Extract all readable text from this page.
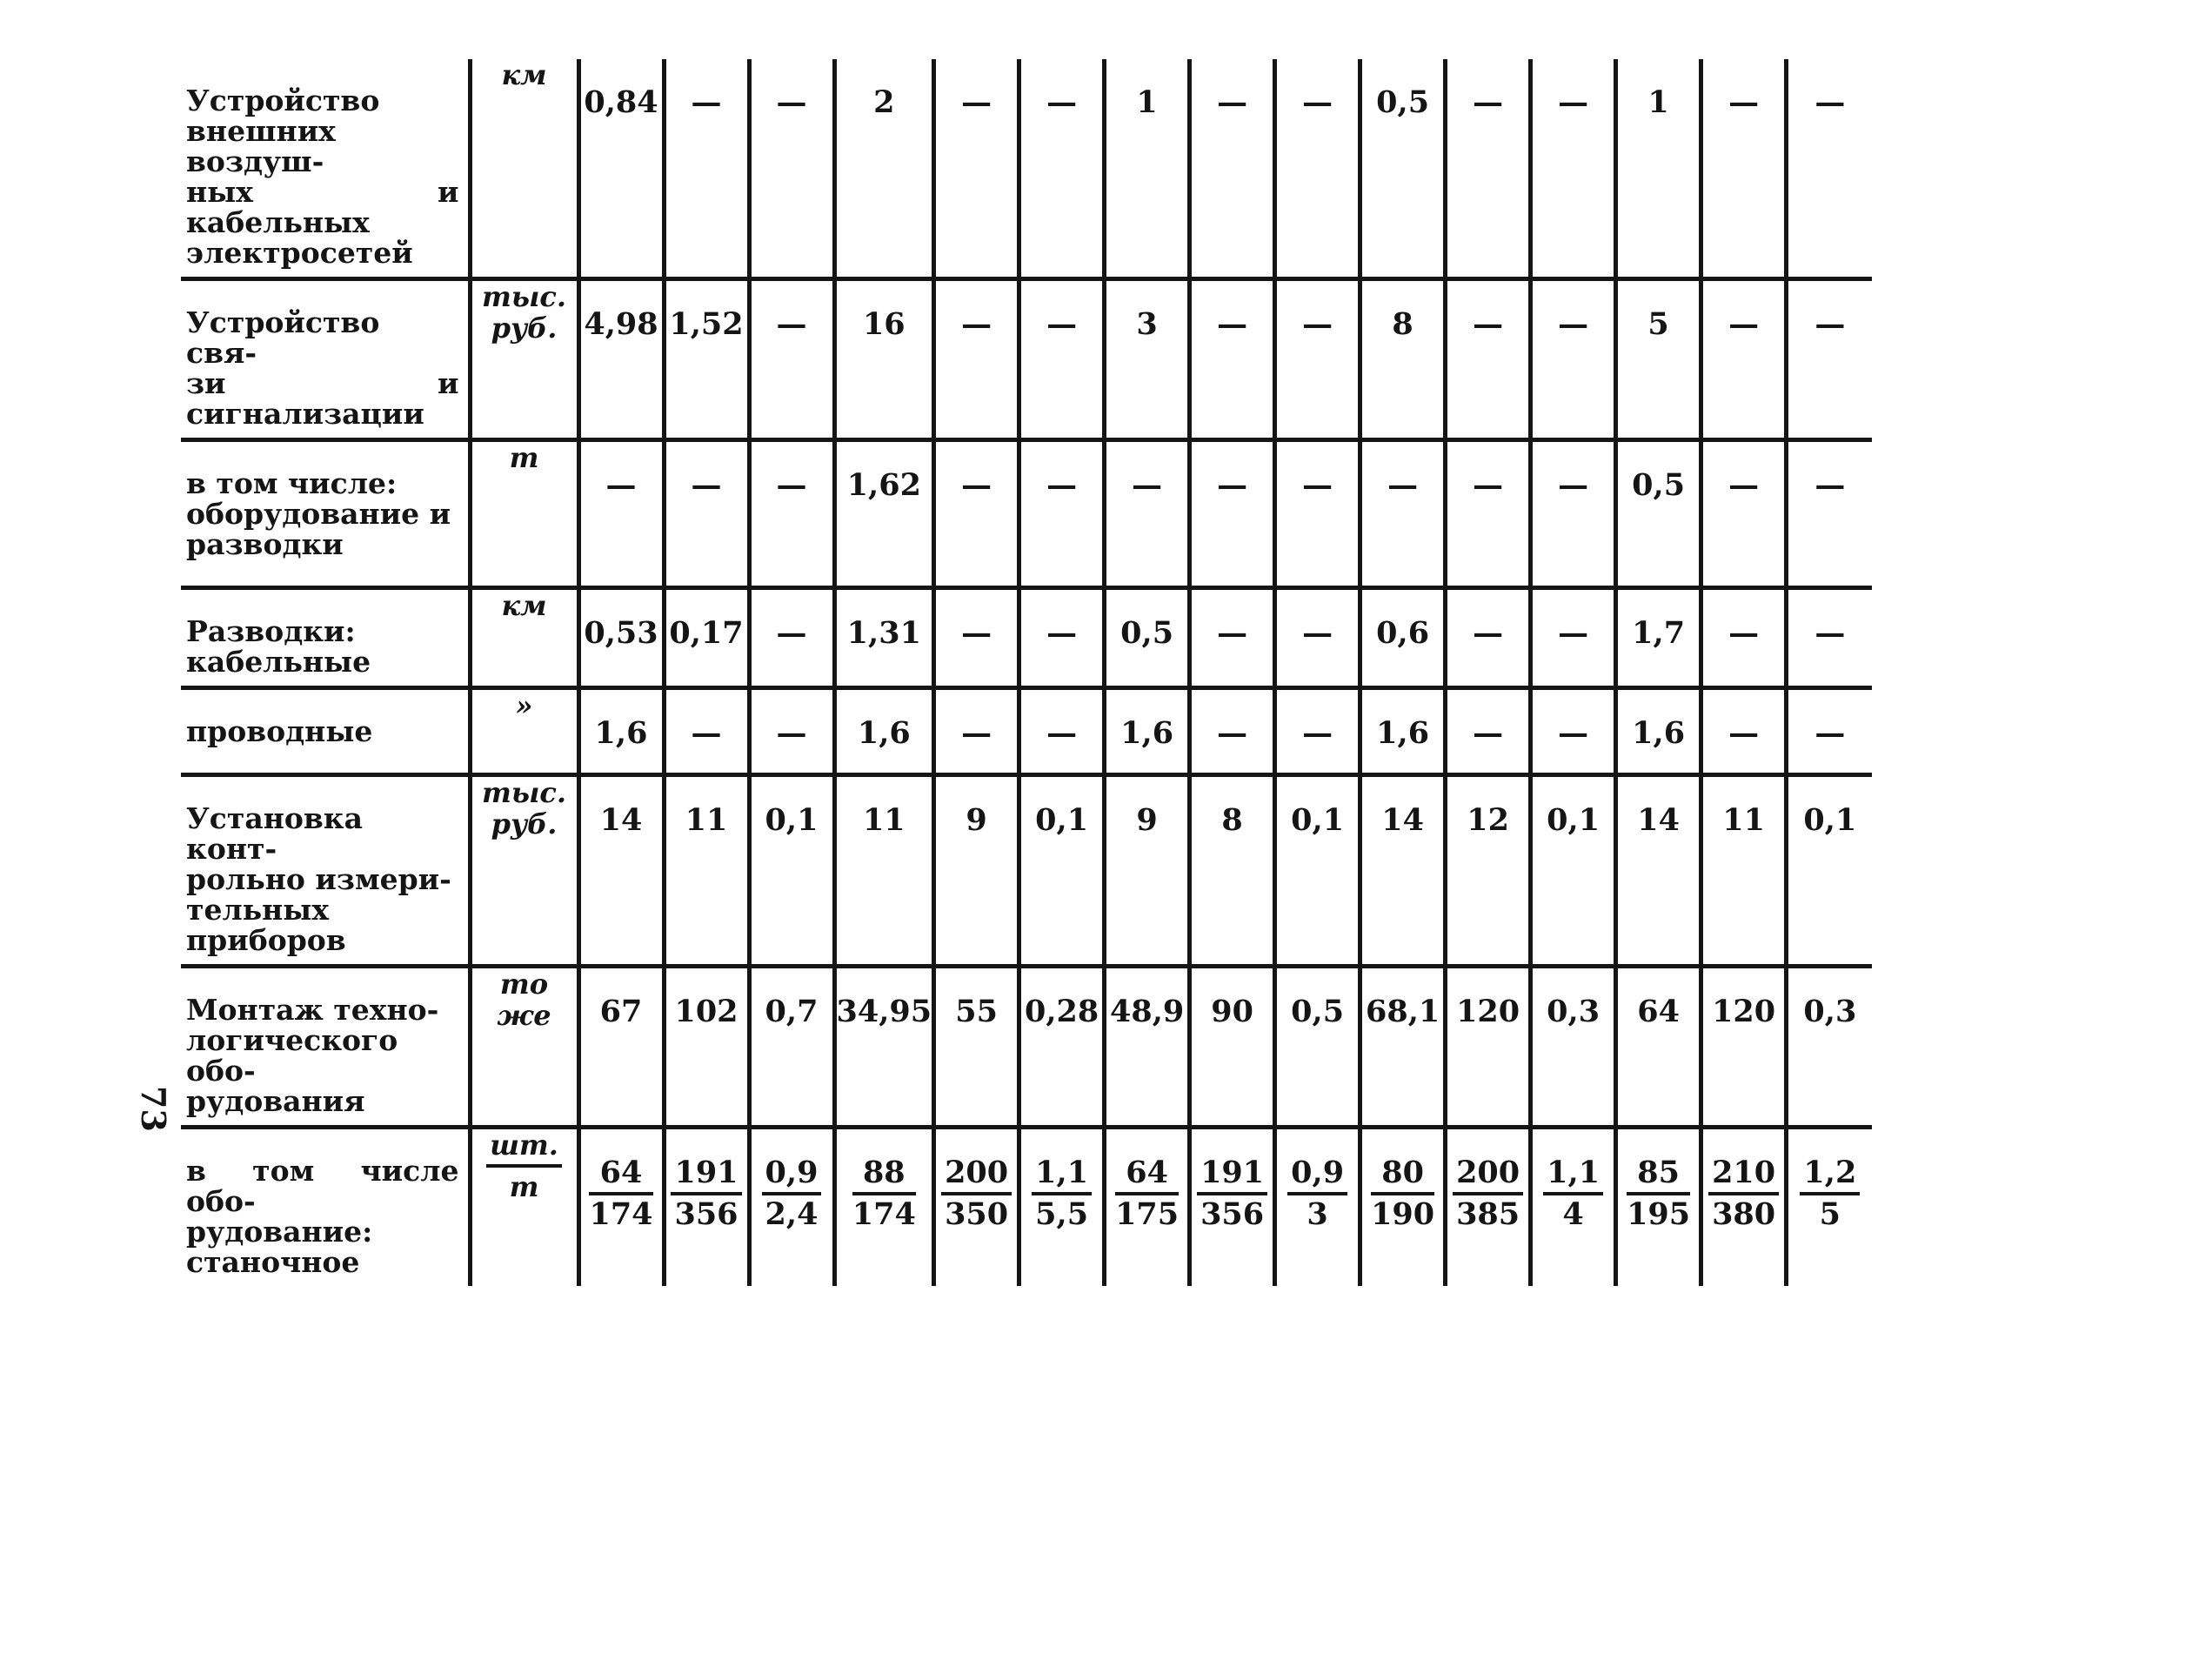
73
Устройство
внешних воздуш-
ных и кабельных
электросетей	км	0,84	—	—	2	—	—	1	—	—	0,5	—	—	1	—	—

Устройство свя-
зи и сигнализации	тыс. руб.	4,98	1,52	—	16	—	—	3	—	—	8	—	—	5	—	—

в том числе:
оборудование и
разводки	т	—	—	—	1,62	—	—	—	—	—	—	—	—	0,5	—	—

Разводки:
кабельные	км	0,53	0,17	—	1,31	—	—	0,5	—	—	0,6	—	—	1,7	—	—

проводные	»	1,6	—	—	1,6	—	—	1,6	—	—	1,6	—	—	1,6	—	—

Установка конт-
рольно измери-
тельных приборов	тыс. руб.	14	11	0,1	11	9	0,1	9	8	0,1	14	12	0,1	14	11	0,1

Монтаж техно-
логического обо-
рудования	то же	67	102	0,7	34,95	55	0,28	48,9	90	0,5	68,1	120	0,3	64	120	0,3

в том числе обо-
рудование:
станочное	$\frac{шт.}{т}$	$\frac{64}{174}$	$\frac{191}{356}$	$\frac{0,9}{2,4}$	$\frac{88}{174}$	$\frac{200}{350}$	$\frac{1,1}{5,5}$	$\frac{64}{175}$	$\frac{191}{356}$	$\frac{0,9}{3}$	$\frac{80}{190}$	$\frac{200}{385}$	$\frac{1,1}{4}$	$\frac{85}{195}$	$\frac{210}{380}$	$\frac{1,2}{5}$
